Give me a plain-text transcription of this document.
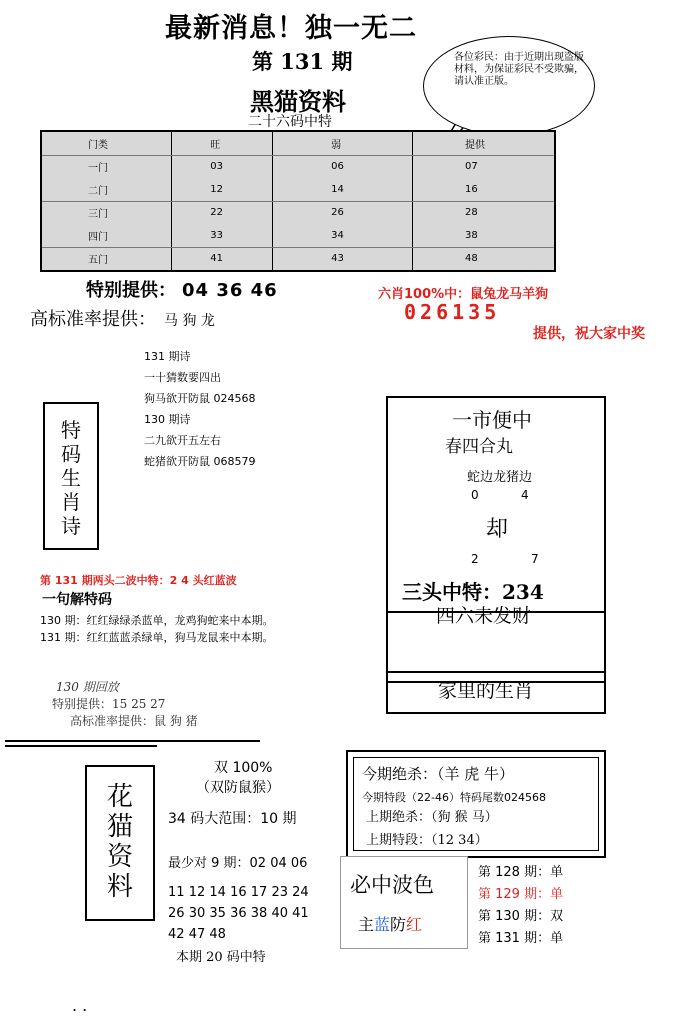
最新消息！独一无二
第 131 期
黑猫资料
二十六码中特
各位彩民：由于近期出现盗版材料，为保证彩民不受欺骗，请认准正版。
门类	旺	弱	提供
一门	03	06	07
二门	12	14	16
三门	22	26	28
四门	33	34	38
五门	41	43	48
特别提供： 04 36 46
高标准率提供： 马 狗 龙
六肖100%中：鼠兔龙马羊狗
026135
提供，祝大家中奖
131 期诗
一十猜数要四出
狗马欲开防鼠 024568
130 期诗
二九欲开五左右
蛇猪欲开防鼠 068579
特码生肖诗
一市便中
春四合丸
蛇边龙猪边
0	4
却
2	7
三头中特：234
四六未发财
家里的生肖
第 131 期两头二波中特：2 4 头红蓝波
一句解特码
130 期：红红绿绿杀蓝单，龙鸡狗蛇来中本期。
131 期：红红蓝蓝杀绿单，狗马龙鼠来中本期。
130 期回放
特别提供：15 25 27
高标准率提供：鼠 狗 猪
花猫资料
双 100%
（双防鼠猴）
34 码大范围：10 期
最少对 9 期：02 04 06
11 12 14 16 17 23 24 26 30 35 36 38 40 41 42 47 48
本期 20 码中特
今期绝杀：（羊 虎 牛）
今期特段（22-46）特码尾数024568
上期绝杀：（狗 猴 马）
上期特段：（12 34）
必中波色
主蓝防红
第 128 期：单
第 129 期：单
第 130 期：双
第 131 期：单
. .
